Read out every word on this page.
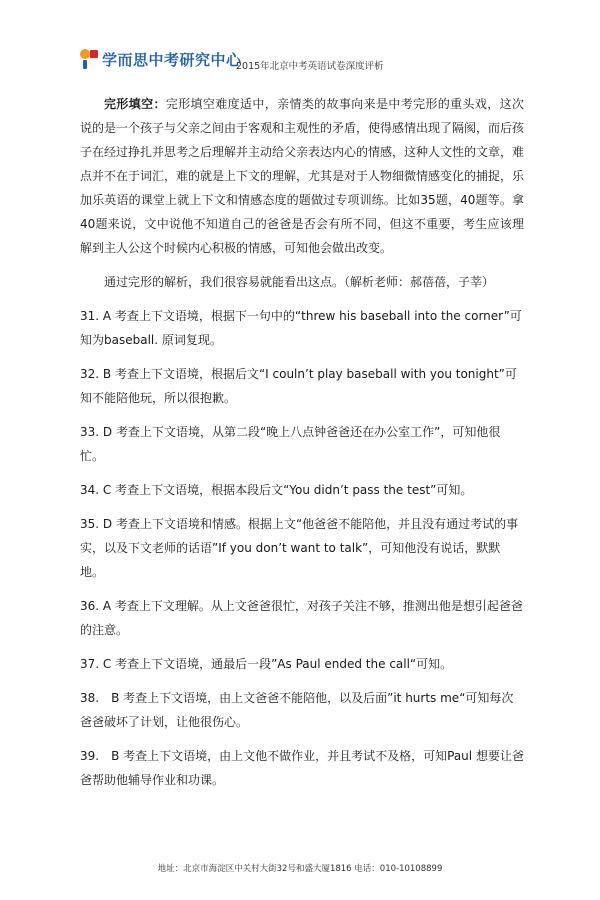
学而思中考研究中心
2015年北京中考英语试卷深度评析

完形填空：完形填空难度适中，亲情类的故事向来是中考完形的重头戏，这次说的是一个孩子与父亲之间由于客观和主观性的矛盾，使得感情出现了隔阂，而后孩子在经过挣扎并思考之后理解并主动给父亲表达内心的情感，这种人文性的文章，难点并不在于词汇，难的就是上下文的理解，尤其是对于人物细微情感变化的捕捉，乐加乐英语的课堂上就上下文和情感态度的题做过专项训练。比如35题，40题等。拿40题来说，文中说他不知道自己的爸爸是否会有所不同，但这不重要，考生应该理解到主人公这个时候内心积极的情感，可知他会做出改变。

通过完形的解析，我们很容易就能看出这点。（解析老师：郝蓓蓓，子莘）

31. A 考查上下文语境，根据下一句中的“threw his baseball into the corner”可知为baseball. 原词复现。

32. B 考查上下文语境，根据后文“I couln’t play baseball with you tonight”可知不能陪他玩，所以很抱歉。

33. D 考查上下文语境，从第二段“晚上八点钟爸爸还在办公室工作”，可知他很忙。

34. C 考查上下文语境，根据本段后文“You didn’t pass the test”可知。

35. D 考查上下文语境和情感。根据上文“他爸爸不能陪他，并且没有通过考试的事实，以及下文老师的话语”If you don’t want to talk”，可知他没有说话，默默地。

36. A 考查上下文理解。从上文爸爸很忙，对孩子关注不够，推测出他是想引起爸爸的注意。

37. C 考查上下文语境，通最后一段”As Paul ended the call“可知。

38.　B 考查上下文语境，由上文爸爸不能陪他，以及后面”it hurts me“可知每次爸爸破坏了计划，让他很伤心。

39.　B 考查上下文语境，由上文他不做作业，并且考试不及格，可知Paul 想要让爸爸帮助他辅导作业和功课。

地址：北京市海淀区中关村大街32号和盛大厦1816 电话：010-10108899
